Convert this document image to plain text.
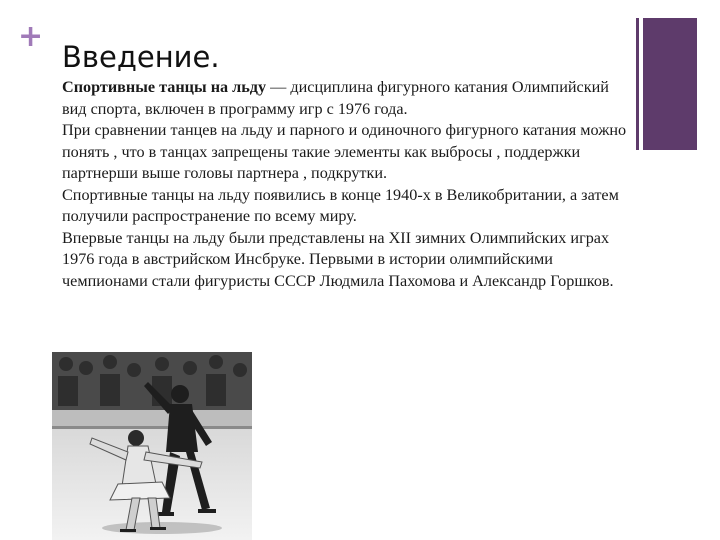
+
Введение.

Спортивные танцы на льду — дисциплина фигурного катания Олимпийский вид спорта, включен в программу игр с 1976 года.

При сравнении танцев на льду и парного и одиночного фигурного катания можно понять , что в танцах запрещены такие элементы как выбросы , поддержки партнерши выше головы партнера , подкрутки.

Спортивные танцы на льду появились в конце 1940-х в Великобритании, а затем получили распространение по всему миру.

Впервые танцы на льду были представлены на XII зимних Олимпийских играх 1976 года в австрийском Инсбруке. Первыми в истории олимпийскими чемпионами стали фигуристы СССР Людмила Пахомова и Александр Горшков.
